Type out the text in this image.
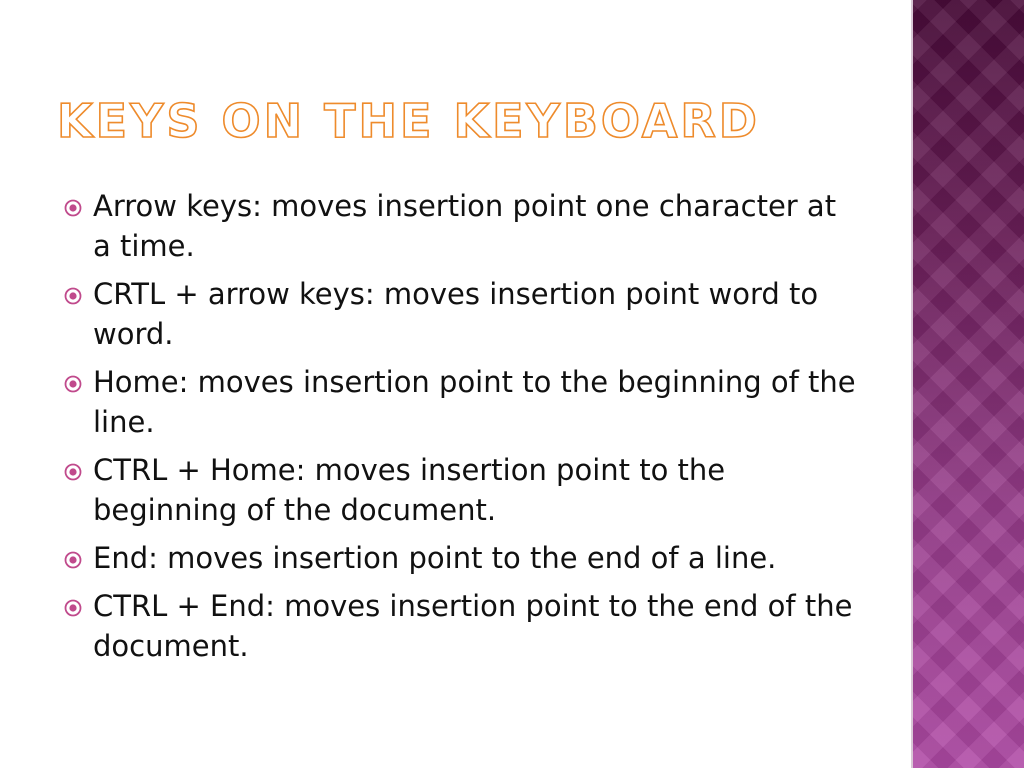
KEYS ON THE KEYBOARD
Arrow keys: moves insertion point one character at a time.
CRTL + arrow keys: moves insertion point word to word.
Home: moves insertion point to the beginning of the line.
CTRL + Home: moves insertion point to the beginning of the document.
End: moves insertion point to the end of a line.
CTRL + End: moves insertion point to the end of the document.
